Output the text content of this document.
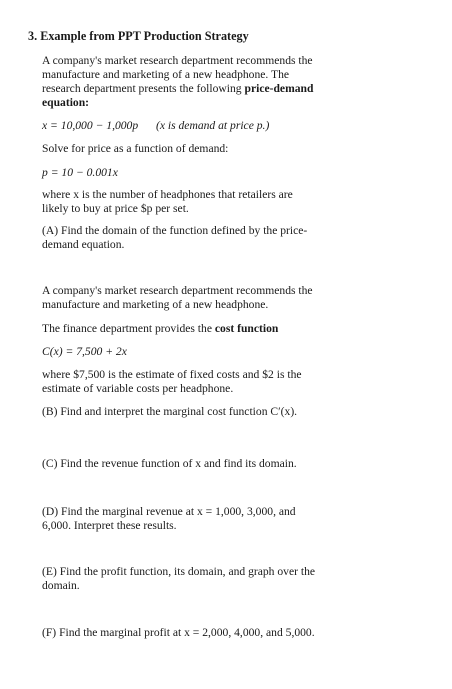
3. Example from PPT Production Strategy
A company's market research department recommends the
manufacture and marketing of a new headphone. The
research department presents the following price-demand
equation:
x = 10,000 − 1,000p (x is demand at price p.)
Solve for price as a function of demand:
p = 10 − 0.001x
where x is the number of headphones that retailers are
likely to buy at price $p per set.
(A) Find the domain of the function defined by the price-
demand equation.
A company's market research department recommends the
manufacture and marketing of a new headphone.
The finance department provides the cost function
C(x) = 7,500 + 2x
where $7,500 is the estimate of fixed costs and $2 is the
estimate of variable costs per headphone.
(B) Find and interpret the marginal cost function C′(x).
(C) Find the revenue function of x and find its domain.
(D) Find the marginal revenue at x = 1,000, 3,000, and
6,000. Interpret these results.
(E) Find the profit function, its domain, and graph over the
domain.
(F) Find the marginal profit at x = 2,000, 4,000, and 5,000.
